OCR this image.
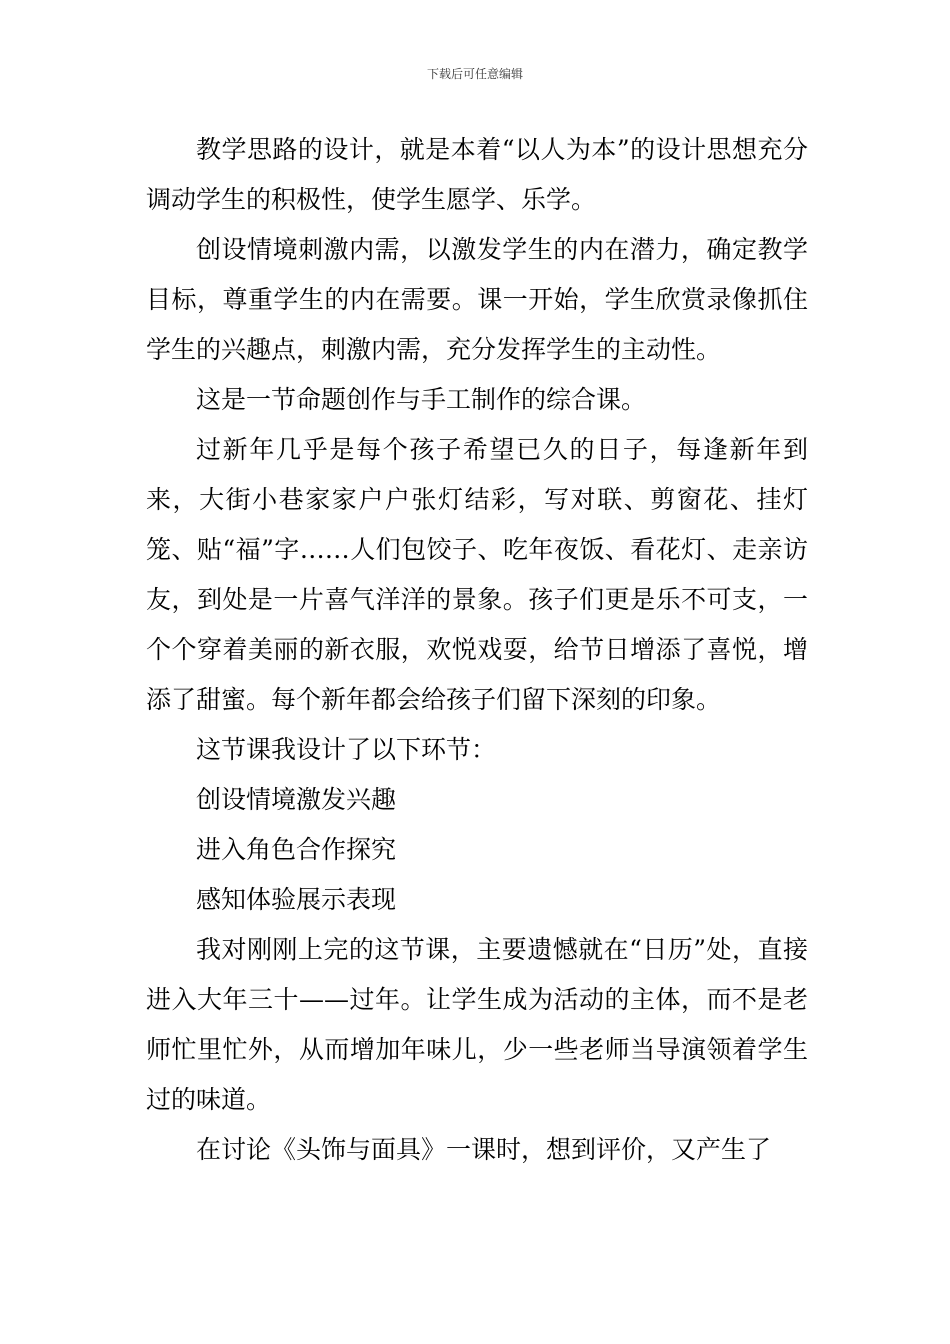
下载后可任意编辑

教学思路的设计，就是本着“以人为本”的设计思想充分调动学生的积极性，使学生愿学、乐学。

创设情境刺激内需，以激发学生的内在潜力，确定教学目标，尊重学生的内在需要。课一开始，学生欣赏录像抓住学生的兴趣点，刺激内需，充分发挥学生的主动性。

这是一节命题创作与手工制作的综合课。

过新年几乎是每个孩子希望已久的日子，每逢新年到来，大街小巷家家户户张灯结彩，写对联、剪窗花、挂灯笼、贴“福”字……人们包饺子、吃年夜饭、看花灯、走亲访友，到处是一片喜气洋洋的景象。孩子们更是乐不可支，一个个穿着美丽的新衣服，欢悦戏耍，给节日增添了喜悦，增添了甜蜜。每个新年都会给孩子们留下深刻的印象。

这节课我设计了以下环节：

创设情境激发兴趣

进入角色合作探究

感知体验展示表现

我对刚刚上完的这节课，主要遗憾就在“日历”处，直接进入大年三十——过年。让学生成为活动的主体，而不是老师忙里忙外，从而增加年味儿，少一些老师当导演领着学生过的味道。

在讨论《头饰与面具》一课时，想到评价，又产生了
